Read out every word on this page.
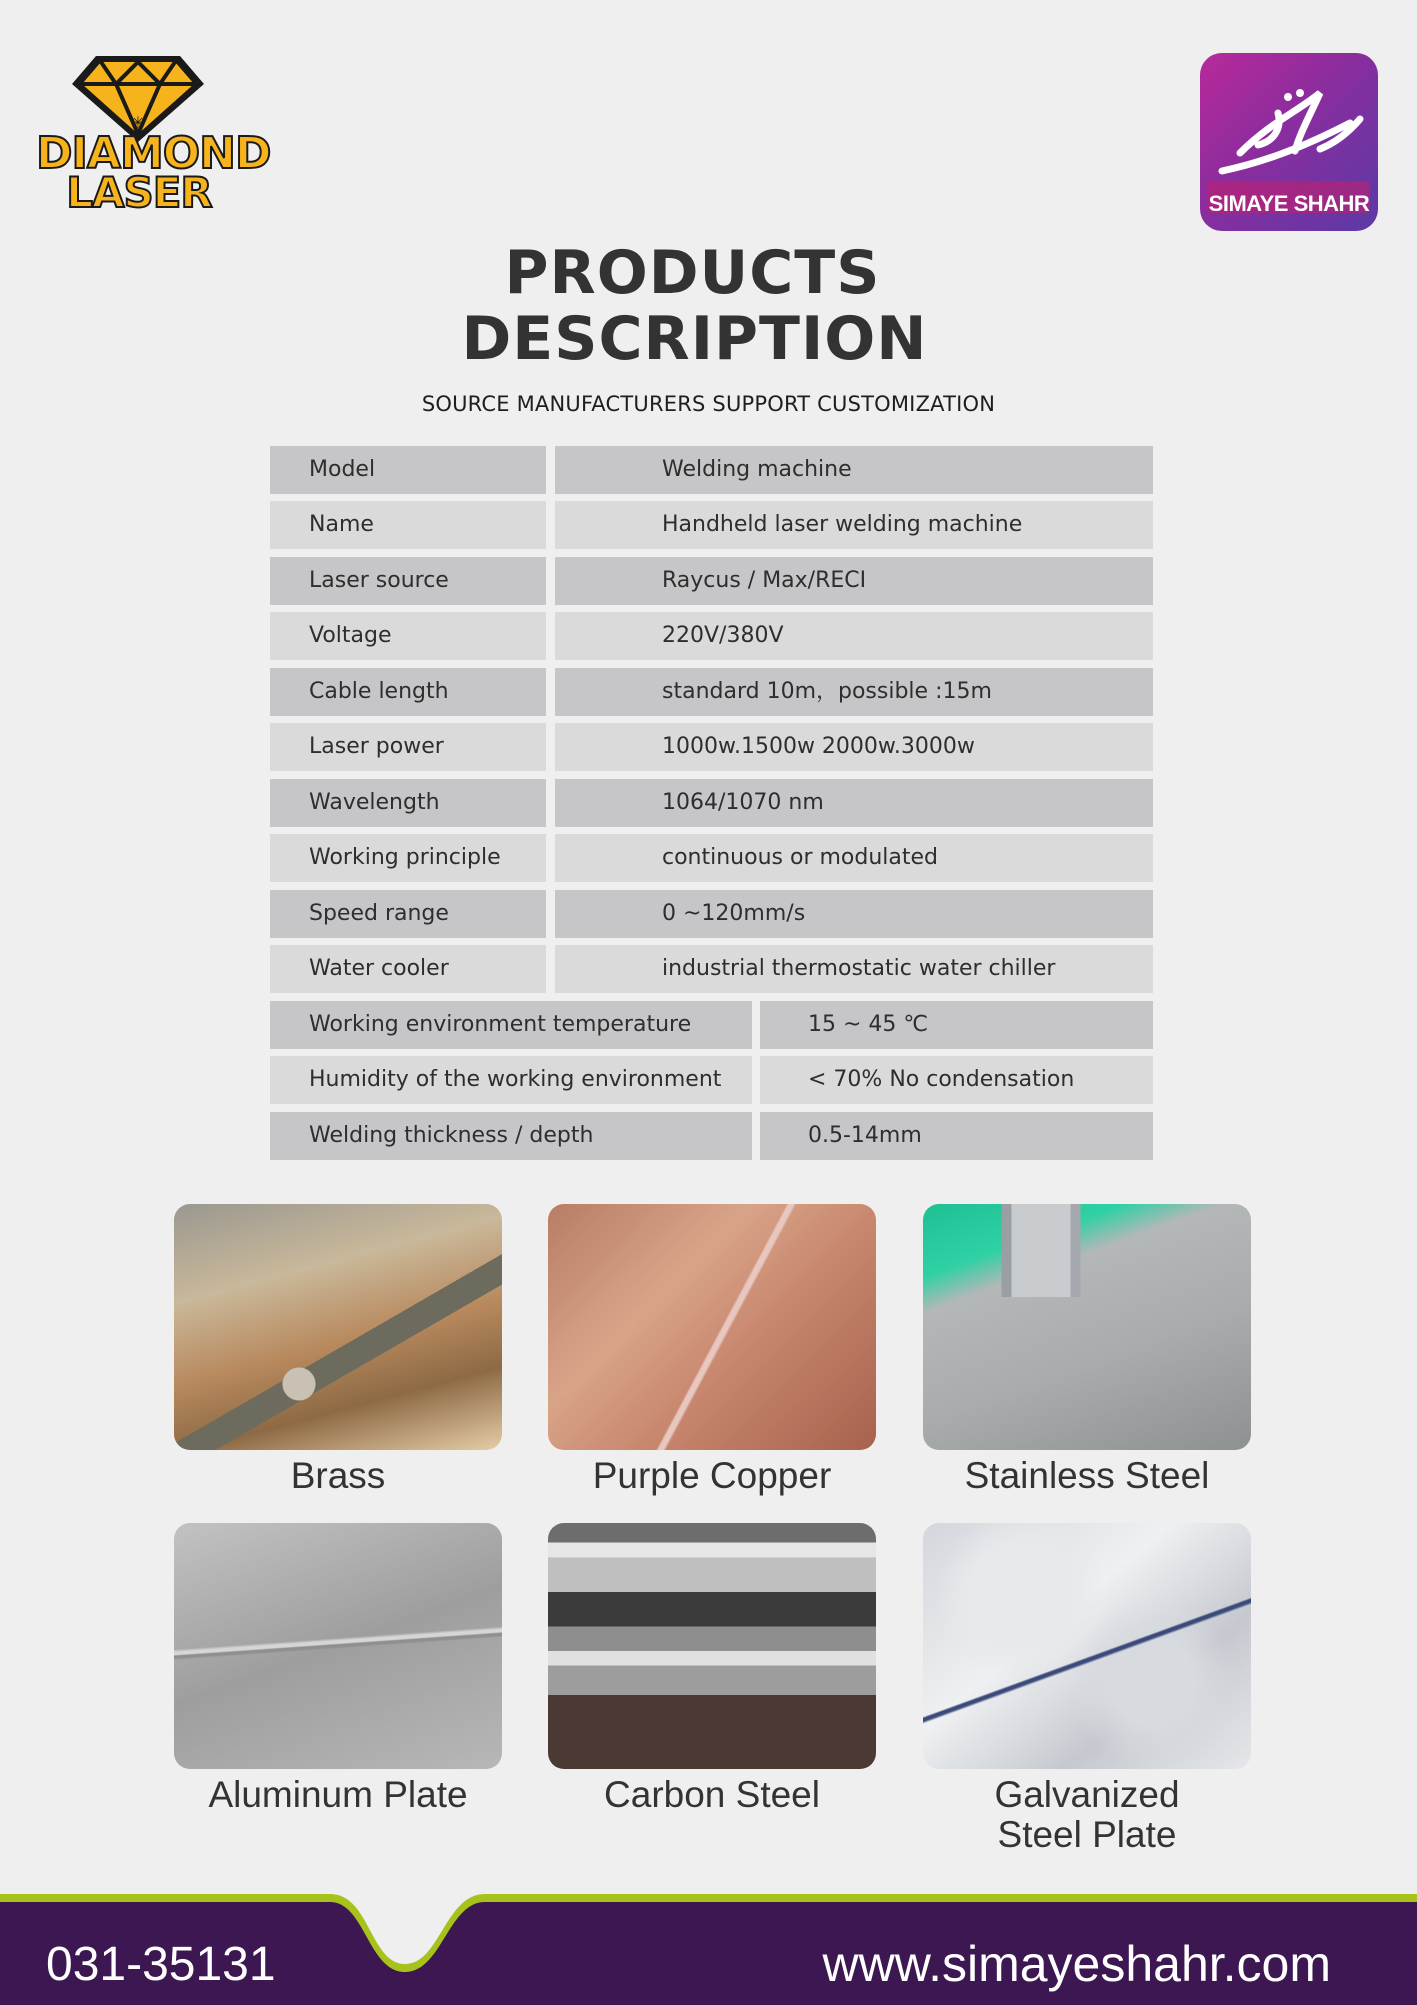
✳
DIAMOND
LASER	SIMAYE SHAHR
PRODUCTS
DESCRIPTION
SOURCE MANUFACTURERS SUPPORT CUSTOMIZATION
Model	Welding machine
Name	Handheld laser welding machine
Laser source	Raycus / Max/RECI
Voltage	220V/380V
Cable length	standard 10m，possible :15m
Laser power	1000w.1500w 2000w.3000w
Wavelength	1064/1070 nm
Working principle	continuous or modulated
Speed range	0 ~120mm/s
Water cooler	industrial thermostatic water chiller
Working environment temperature	15 ~ 45 ℃
Humidity of the working environment	< 70% No condensation
Welding thickness / depth	0.5-14mm
Brass	Purple Copper	Stainless Steel
Aluminum Plate	Carbon Steel	Galvanized
Steel Plate
031-35131	www.simayeshahr.com
